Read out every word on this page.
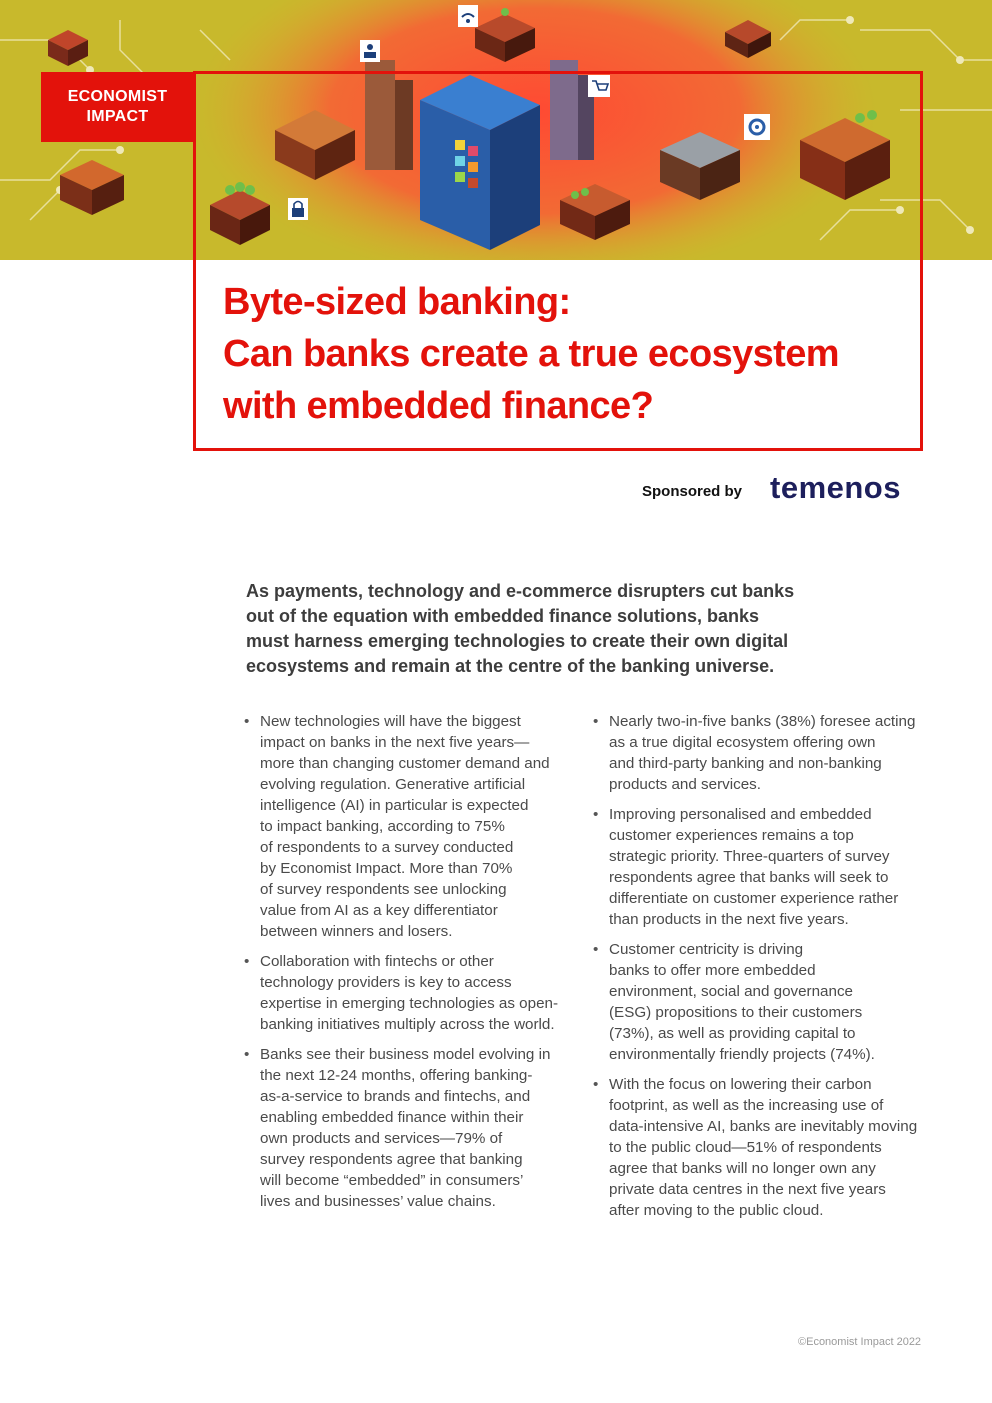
ECONOMIST
IMPACT
Byte-sized banking:
Can banks create a true ecosystem
with embedded finance?
Sponsored by temenos
As payments, technology and e-commerce disrupters cut banks
out of the equation with embedded finance solutions, banks
must harness emerging technologies to create their own digital
ecosystems and remain at the centre of the banking universe.
• New technologies will have the biggest
impact on banks in the next five years—
more than changing customer demand and
evolving regulation. Generative artificial
intelligence (AI) in particular is expected
to impact banking, according to 75%
of respondents to a survey conducted
by Economist Impact. More than 70%
of survey respondents see unlocking
value from AI as a key differentiator
between winners and losers.
• Collaboration with fintechs or other
technology providers is key to access
expertise in emerging technologies as open-
banking initiatives multiply across the world.
• Banks see their business model evolving in
the next 12-24 months, offering banking-
as-a-service to brands and fintechs, and
enabling embedded finance within their
own products and services—79% of
survey respondents agree that banking
will become “embedded” in consumers’
lives and businesses’ value chains.
• Nearly two-in-five banks (38%) foresee acting
as a true digital ecosystem offering own
and third-party banking and non-banking
products and services.
• Improving personalised and embedded
customer experiences remains a top
strategic priority. Three-quarters of survey
respondents agree that banks will seek to
differentiate on customer experience rather
than products in the next five years.
• Customer centricity is driving
banks to offer more embedded
environment, social and governance
(ESG) propositions to their customers
(73%), as well as providing capital to
environmentally friendly projects (74%).
• With the focus on lowering their carbon
footprint, as well as the increasing use of
data-intensive AI, banks are inevitably moving
to the public cloud—51% of respondents
agree that banks will no longer own any
private data centres in the next five years
after moving to the public cloud.
©Economist Impact 2022
